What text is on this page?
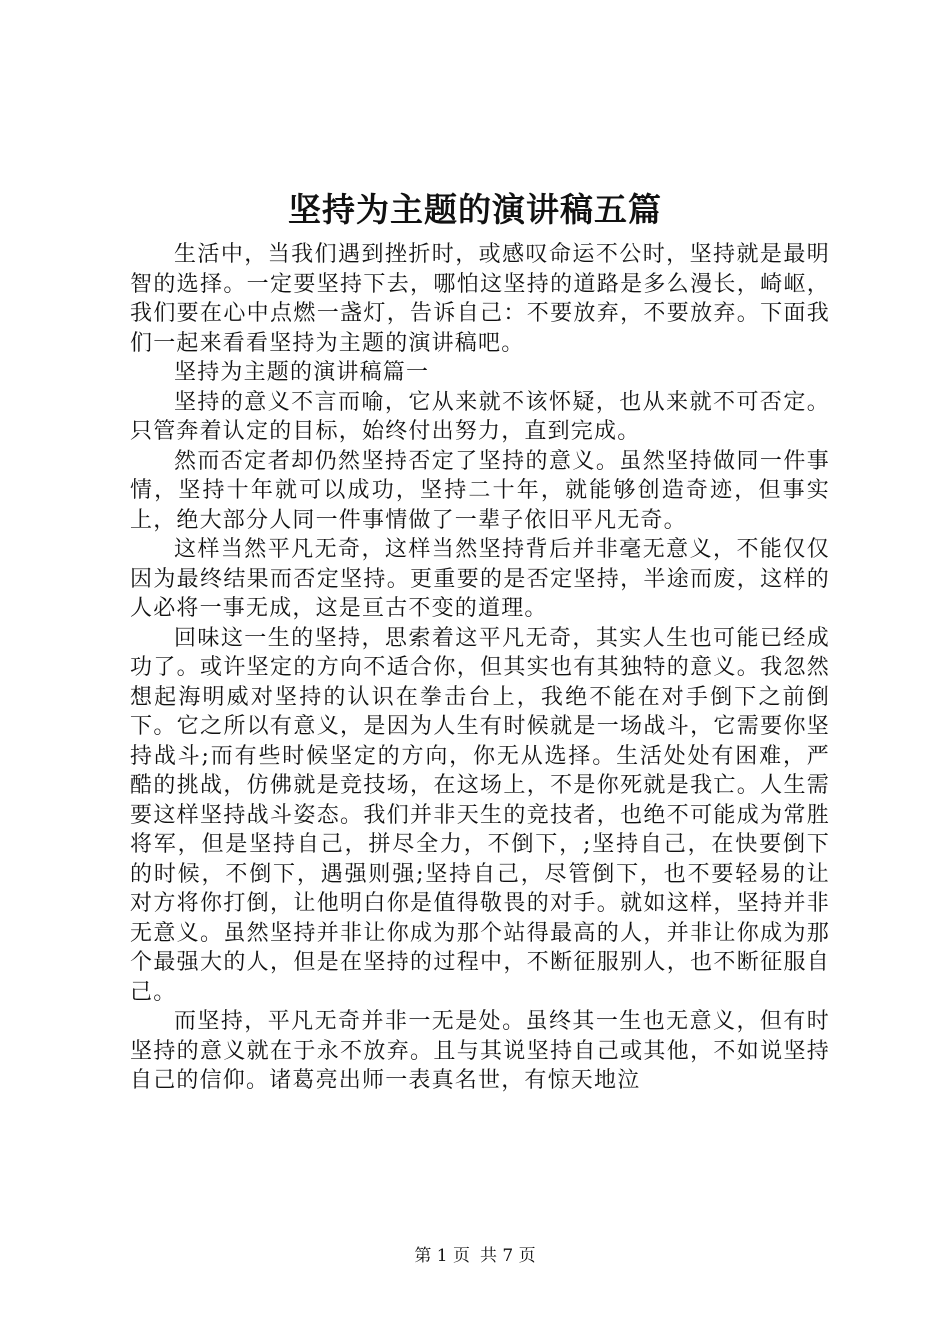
坚持为主题的演讲稿五篇

生活中，当我们遇到挫折时，或感叹命运不公时，坚持就是最明智的选择。一定要坚持下去，哪怕这坚持的道路是多么漫长，崎岖，我们要在心中点燃一盏灯，告诉自己：不要放弃，不要放弃。下面我们一起来看看坚持为主题的演讲稿吧。

坚持为主题的演讲稿篇一

坚持的意义不言而喻，它从来就不该怀疑，也从来就不可否定。只管奔着认定的目标，始终付出努力，直到完成。

然而否定者却仍然坚持否定了坚持的意义。虽然坚持做同一件事情，坚持十年就可以成功，坚持二十年，就能够创造奇迹，但事实上，绝大部分人同一件事情做了一辈子依旧平凡无奇。

这样当然平凡无奇，这样当然坚持背后并非毫无意义，不能仅仅因为最终结果而否定坚持。更重要的是否定坚持，半途而废，这样的人必将一事无成，这是亘古不变的道理。

回味这一生的坚持，思索着这平凡无奇，其实人生也可能已经成功了。或许坚定的方向不适合你，但其实也有其独特的意义。我忽然想起海明威对坚持的认识在拳击台上，我绝不能在对手倒下之前倒下。它之所以有意义，是因为人生有时候就是一场战斗，它需要你坚持战斗;而有些时候坚定的方向，你无从选择。生活处处有困难，严酷的挑战，仿佛就是竞技场，在这场上，不是你死就是我亡。人生需要这样坚持战斗姿态。我们并非天生的竞技者，也绝不可能成为常胜将军，但是坚持自己，拼尽全力，不倒下，;坚持自己，在快要倒下的时候，不倒下，遇强则强;坚持自己，尽管倒下，也不要轻易的让对方将你打倒，让他明白你是值得敬畏的对手。就如这样，坚持并非无意义。虽然坚持并非让你成为那个站得最高的人，并非让你成为那个最强大的人，但是在坚持的过程中，不断征服别人，也不断征服自己。

而坚持，平凡无奇并非一无是处。虽终其一生也无意义，但有时坚持的意义就在于永不放弃。且与其说坚持自己或其他，不如说坚持自己的信仰。诸葛亮出师一表真名世，有惊天地泣

第 1 页 共 7 页
